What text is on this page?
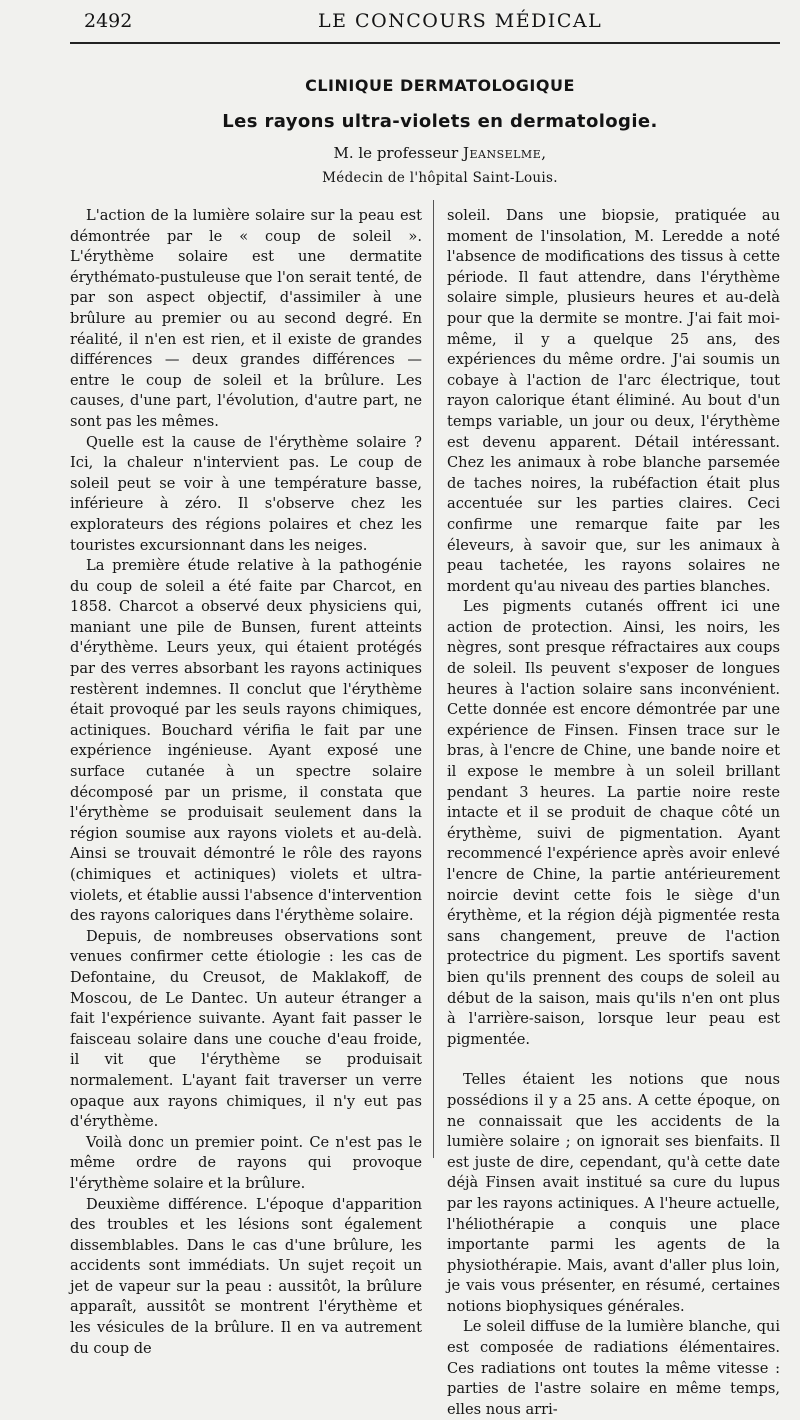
2492	LE CONCOURS MÉDICAL
CLINIQUE DERMATOLOGIQUE
Les rayons ultra-violets en dermatologie.
M. le professeur Jeanselme,
Médecin de l'hôpital Saint-Louis.

L'action de la lumière solaire sur la peau est démontrée par le « coup de soleil ». L'érythème solaire est une dermatite érythémato-pustuleuse que l'on serait tenté, de par son aspect objectif, d'assimiler à une brûlure au premier ou au second degré. En réalité, il n'en est rien, et il existe de grandes différences — deux grandes différences — entre le coup de soleil et la brûlure. Les causes, d'une part, l'évolution, d'autre part, ne sont pas les mêmes.

Quelle est la cause de l'érythème solaire ? Ici, la chaleur n'intervient pas. Le coup de soleil peut se voir à une température basse, inférieure à zéro. Il s'observe chez les explorateurs des régions polaires et chez les touristes excursionnant dans les neiges.

La première étude relative à la pathogénie du coup de soleil a été faite par Charcot, en 1858. Charcot a observé deux physiciens qui, maniant une pile de Bunsen, furent atteints d'érythème. Leurs yeux, qui étaient protégés par des verres absorbant les rayons actiniques restèrent indemnes. Il conclut que l'érythème était provoqué par les seuls rayons chimiques, actiniques. Bouchard vérifia le fait par une expérience ingénieuse. Ayant exposé une surface cutanée à un spectre solaire décomposé par un prisme, il constata que l'érythème se produisait seulement dans la région soumise aux rayons violets et au-delà. Ainsi se trouvait démontré le rôle des rayons (chimiques et actiniques) violets et ultra-violets, et établie aussi l'absence d'intervention des rayons caloriques dans l'érythème solaire.

Depuis, de nombreuses observations sont venues confirmer cette étiologie : les cas de Defontaine, du Creusot, de Maklakoff, de Moscou, de Le Dantec. Un auteur étranger a fait l'expérience suivante. Ayant fait passer le faisceau solaire dans une couche d'eau froide, il vit que l'érythème se produisait normalement. L'ayant fait traverser un verre opaque aux rayons chimiques, il n'y eut pas d'érythème.

Voilà donc un premier point. Ce n'est pas le même ordre de rayons qui provoque l'érythème solaire et la brûlure.

Deuxième différence. L'époque d'apparition des troubles et les lésions sont également dissemblables. Dans le cas d'une brûlure, les accidents sont immédiats. Un sujet reçoit un jet de vapeur sur la peau : aussitôt, la brûlure apparaît, aussitôt se montrent l'érythème et les vésicules de la brûlure. Il en va autrement du coup de

soleil. Dans une biopsie, pratiquée au moment de l'insolation, M. Leredde a noté l'absence de modifications des tissus à cette période. Il faut attendre, dans l'érythème solaire simple, plusieurs heures et au-delà pour que la dermite se montre. J'ai fait moi-même, il y a quelque 25 ans, des expériences du même ordre. J'ai soumis un cobaye à l'action de l'arc électrique, tout rayon calorique étant éliminé. Au bout d'un temps variable, un jour ou deux, l'érythème est devenu apparent. Détail intéressant. Chez les animaux à robe blanche parsemée de taches noires, la rubéfaction était plus accentuée sur les parties claires. Ceci confirme une remarque faite par les éleveurs, à savoir que, sur les animaux à peau tachetée, les rayons solaires ne mordent qu'au niveau des parties blanches.

Les pigments cutanés offrent ici une action de protection. Ainsi, les noirs, les nègres, sont presque réfractaires aux coups de soleil. Ils peuvent s'exposer de longues heures à l'action solaire sans inconvénient. Cette donnée est encore démontrée par une expérience de Finsen. Finsen trace sur le bras, à l'encre de Chine, une bande noire et il expose le membre à un soleil brillant pendant 3 heures. La partie noire reste intacte et il se produit de chaque côté un érythème, suivi de pigmentation. Ayant recommencé l'expérience après avoir enlevé l'encre de Chine, la partie antérieurement noircie devint cette fois le siège d'un érythème, et la région déjà pigmentée resta sans changement, preuve de l'action protectrice du pigment. Les sportifs savent bien qu'ils prennent des coups de soleil au début de la saison, mais qu'ils n'en ont plus à l'arrière-saison, lorsque leur peau est pigmentée.

Telles étaient les notions que nous possédions il y a 25 ans. A cette époque, on ne connaissait que les accidents de la lumière solaire ; on ignorait ses bienfaits. Il est juste de dire, cependant, qu'à cette date déjà Finsen avait institué sa cure du lupus par les rayons actiniques. A l'heure actuelle, l'héliothérapie a conquis une place importante parmi les agents de la physiothérapie. Mais, avant d'aller plus loin, je vais vous présenter, en résumé, certaines notions biophysiques générales.

Le soleil diffuse de la lumière blanche, qui est composée de radiations élémentaires. Ces radiations ont toutes la même vitesse : parties de l'astre solaire en même temps, elles nous arri-
